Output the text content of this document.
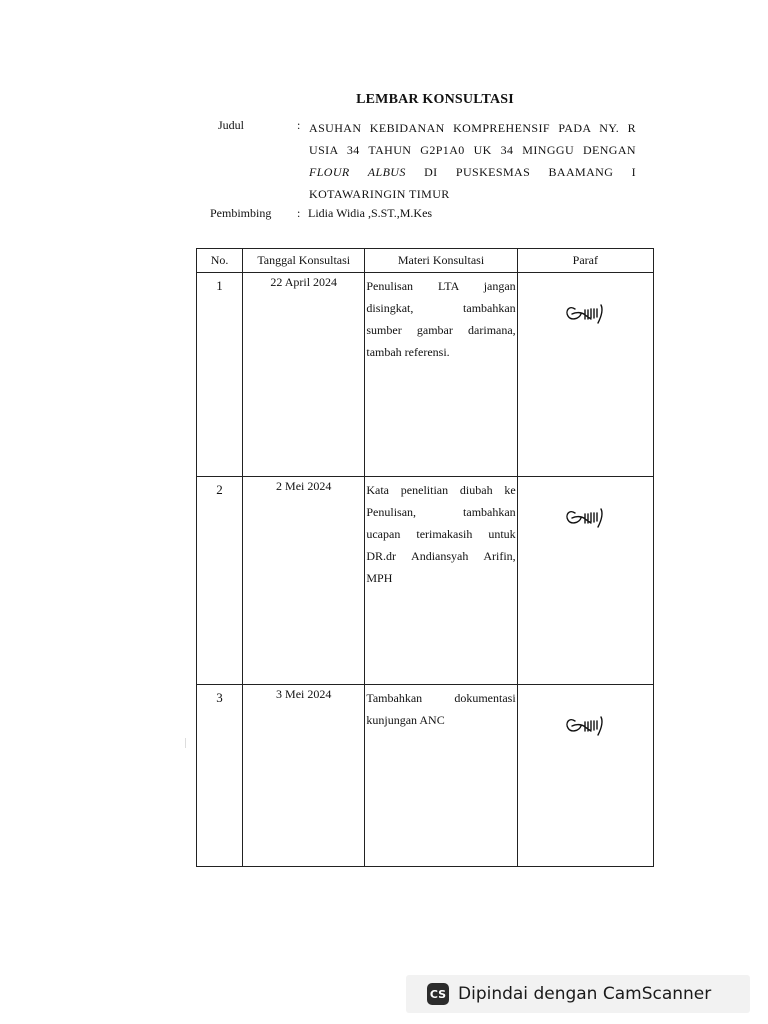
LEMBAR KONSULTASI
Judul	: ASUHAN KEBIDANAN KOMPREHENSIF PADA NY. R
USIA 34 TAHUN G2P1A0 UK 34 MINGGU DENGAN
FLOUR ALBUS DI PUSKESMAS BAAMANG I
KOTAWARINGIN TIMUR
Pembimbing : Lidia Widia ,S.ST.,M.Kes
No.	Tanggal Konsultasi	Materi Konsultasi	Paraf
1	22 April 2024	Penulisan LTA jangan
disingkat, tambahkan
sumber gambar darimana,
tambah referensi.

2	2 Mei 2024	Kata penelitian diubah ke
Penulisan, tambahkan
ucapan terimakasih untuk
DR.dr Andiansyah Arifin,
MPH

3	3 Mei 2024	Tambahkan dokumentasi
kunjungan ANC

CS Dipindai dengan CamScanner
